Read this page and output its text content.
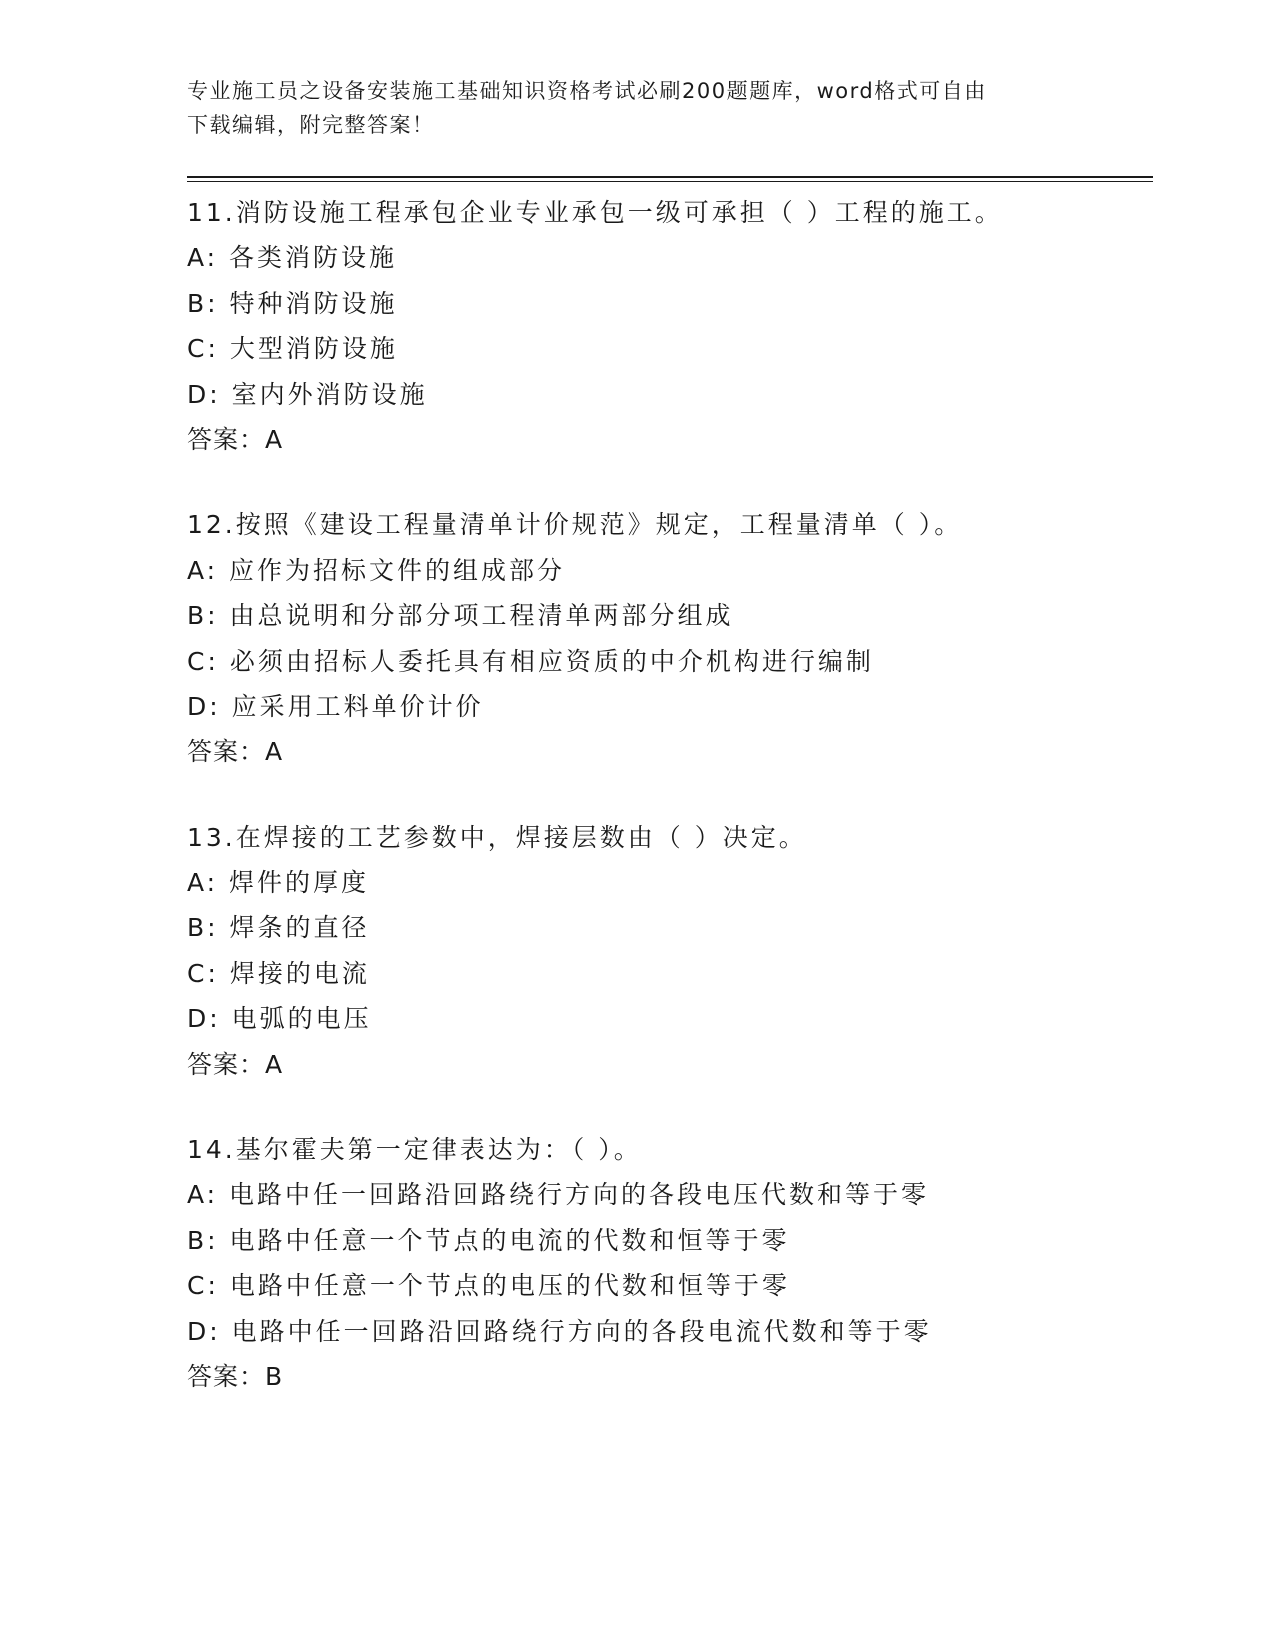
专业施工员之设备安装施工基础知识资格考试必刷200题题库，word格式可自由
下载编辑，附完整答案！
11.消防设施工程承包企业专业承包一级可承担（ ）工程的施工。
A: 各类消防设施
B: 特种消防设施
C: 大型消防设施
D: 室内外消防设施
答案：A
12.按照《建设工程量清单计价规范》规定，工程量清单（ ）。
A: 应作为招标文件的组成部分
B: 由总说明和分部分项工程清单两部分组成
C: 必须由招标人委托具有相应资质的中介机构进行编制
D: 应采用工料单价计价
答案：A
13.在焊接的工艺参数中，焊接层数由（ ）决定。
A: 焊件的厚度
B: 焊条的直径
C: 焊接的电流
D: 电弧的电压
答案：A
14.基尔霍夫第一定律表达为：（ ）。
A: 电路中任一回路沿回路绕行方向的各段电压代数和等于零
B: 电路中任意一个节点的电流的代数和恒等于零
C: 电路中任意一个节点的电压的代数和恒等于零
D: 电路中任一回路沿回路绕行方向的各段电流代数和等于零
答案：B
